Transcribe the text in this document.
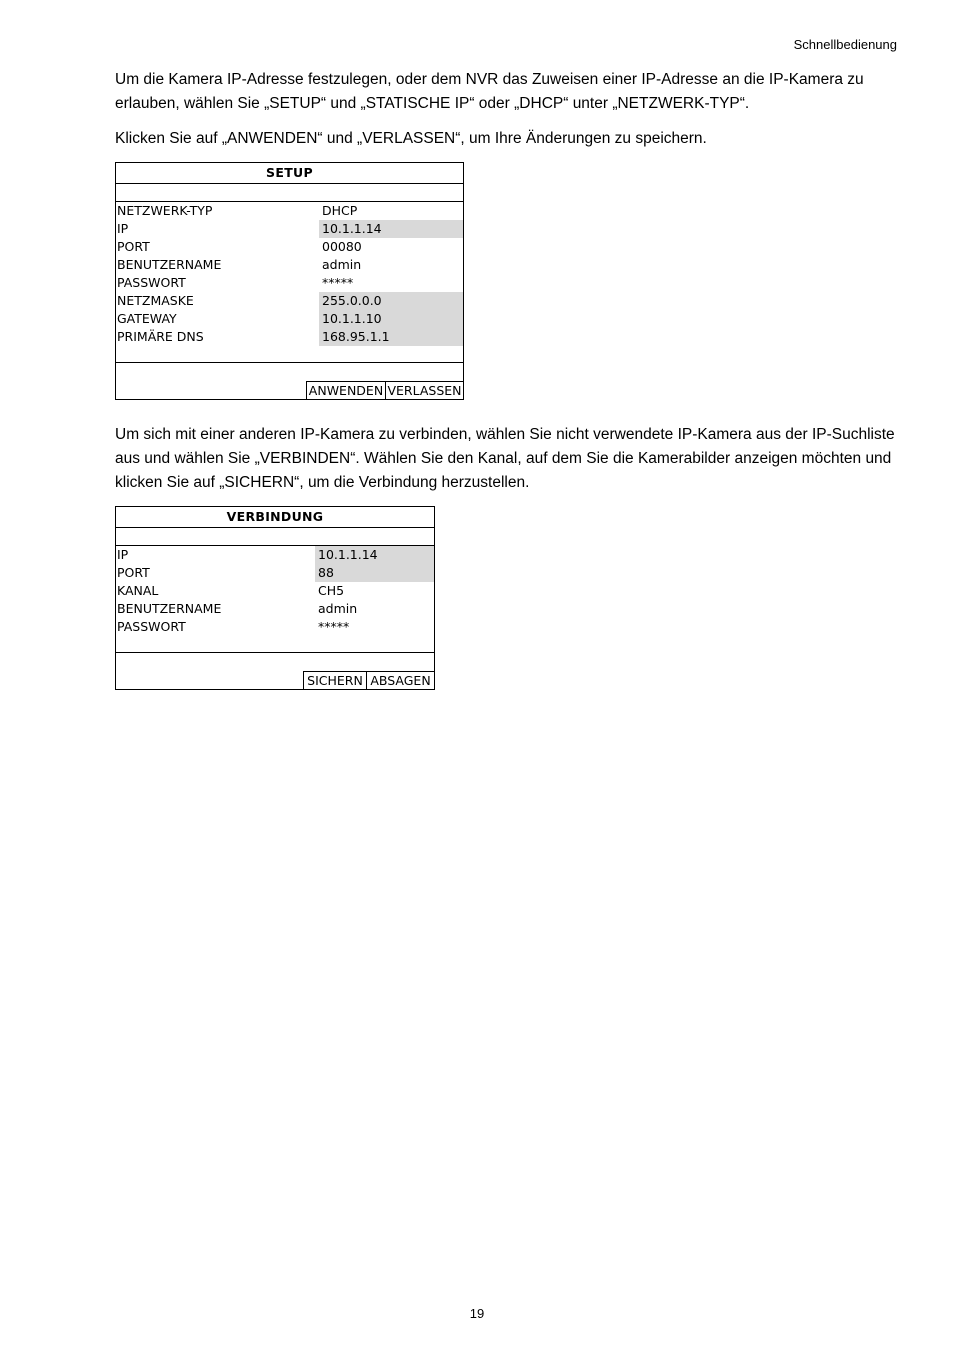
Schnellbedienung

Um die Kamera IP-Adresse festzulegen, oder dem NVR das Zuweisen einer IP-Adresse an die IP-Kamera zu erlauben, wählen Sie „SETUP“ und „STATISCHE IP“ oder „DHCP“ unter „NETZWERK-TYP“.

Klicken Sie auf „ANWENDEN“ und „VERLASSEN“, um Ihre Änderungen zu speichern.

SETUP
NETZWERK-TYP	DHCP
IP	10.1.1.14
PORT	00080
BENUTZERNAME	admin
PASSWORT	*****
NETZMASKE	255.0.0.0
GATEWAY	10.1.1.10
PRIMÄRE DNS	168.95.1.1
ANWENDEN VERLASSEN

Um sich mit einer anderen IP-Kamera zu verbinden, wählen Sie nicht verwendete IP-Kamera aus der IP-Suchliste aus und wählen Sie „VERBINDEN“. Wählen Sie den Kanal, auf dem Sie die Kamerabilder anzeigen möchten und klicken Sie auf „SICHERN“, um die Verbindung herzustellen.

VERBINDUNG
IP	10.1.1.14
PORT	88
KANAL	CH5
BENUTZERNAME	admin
PASSWORT	*****
SICHERN ABSAGEN
19
